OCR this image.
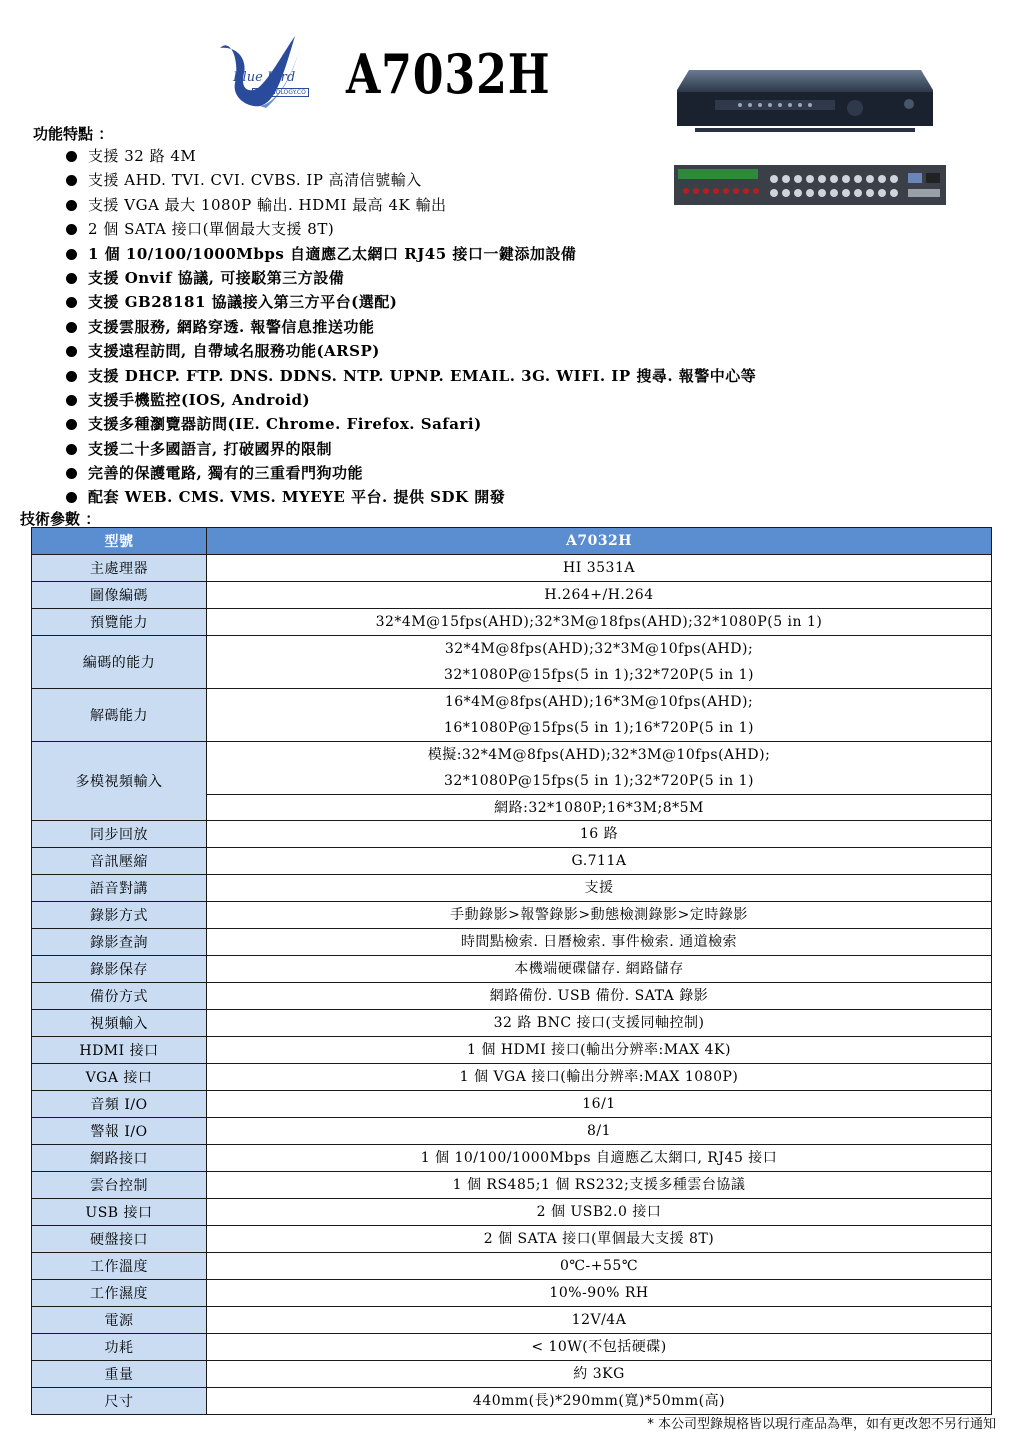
Blue Bird
TECHNOLOGY.CO A7032H
功能特點 ：
支援 32 路 4M
支援 AHD. TVI. CVI. CVBS. IP 高清信號輸入
支援 VGA 最大 1080P 輸出. HDMI 最高 4K 輸出
2 個 SATA 接口(單個最大支援 8T)
1 個 10/100/1000Mbps 自適應乙太網口 RJ45 接口一鍵添加設備
支援 Onvif 協議, 可接駁第三方設備
支援 GB28181 協議接入第三方平台(選配)
支援雲服務, 網路穿透. 報警信息推送功能
支援遠程訪問, 自帶域名服務功能(ARSP)
支援 DHCP. FTP. DNS. DDNS. NTP. UPNP. EMAIL. 3G. WIFI. IP 搜尋. 報警中心等
支援手機監控(IOS, Android)
支援多種瀏覽器訪問(IE. Chrome. Firefox. Safari)
支援二十多國語言, 打破國界的限制
完善的保護電路, 獨有的三重看門狗功能
配套 WEB. CMS. VMS. MYEYE 平台. 提供 SDK 開發
技術參數 ：
型號	A7032H
主處理器	HI 3531A

圖像編碼	H.264+/H.264

預覽能力	32*4M@15fps(AHD);32*3M@18fps(AHD);32*1080P(5 in 1)

編碼的能力	32*4M@8fps(AHD);32*3M@10fps(AHD);
32*1080P@15fps(5 in 1);32*720P(5 in 1)

解碼能力	16*4M@8fps(AHD);16*3M@10fps(AHD);
16*1080P@15fps(5 in 1);16*720P(5 in 1)

多模視頻輸入	模擬:32*4M@8fps(AHD);32*3M@10fps(AHD);
32*1080P@15fps(5 in 1);32*720P(5 in 1)

	網路:32*1080P;16*3M;8*5M
同步回放	16 路

音訊壓縮	G.711A

語音對講	支援

錄影方式	手動錄影>報警錄影>動態檢測錄影>定時錄影

錄影查詢	時間點檢索. 日曆檢索. 事件檢索. 通道檢索

錄影保存	本機端硬碟儲存. 網路儲存

備份方式	網路備份. USB 備份. SATA 錄影

視頻輸入	32 路 BNC 接口(支援同軸控制)

HDMI 接口	1 個 HDMI 接口(輸出分辨率:MAX 4K)

VGA 接口	1 個 VGA 接口(輸出分辨率:MAX 1080P)

音頻 I/O	16/1

警報 I/O	8/1

網路接口	1 個 10/100/1000Mbps 自適應乙太網口, RJ45 接口

雲台控制	1 個 RS485;1 個 RS232;支援多種雲台協議

USB 接口	2 個 USB2.0 接口

硬盤接口	2 個 SATA 接口(單個最大支援 8T)

工作溫度	0℃-+55℃

工作濕度	10%-90% RH

電源	12V/4A

功耗	< 10W(不包括硬碟)

重量	約 3KG

尺寸	440mm(長)*290mm(寬)*50mm(高)
* 本公司型錄規格皆以現行產品為準，如有更改恕不另行通知
